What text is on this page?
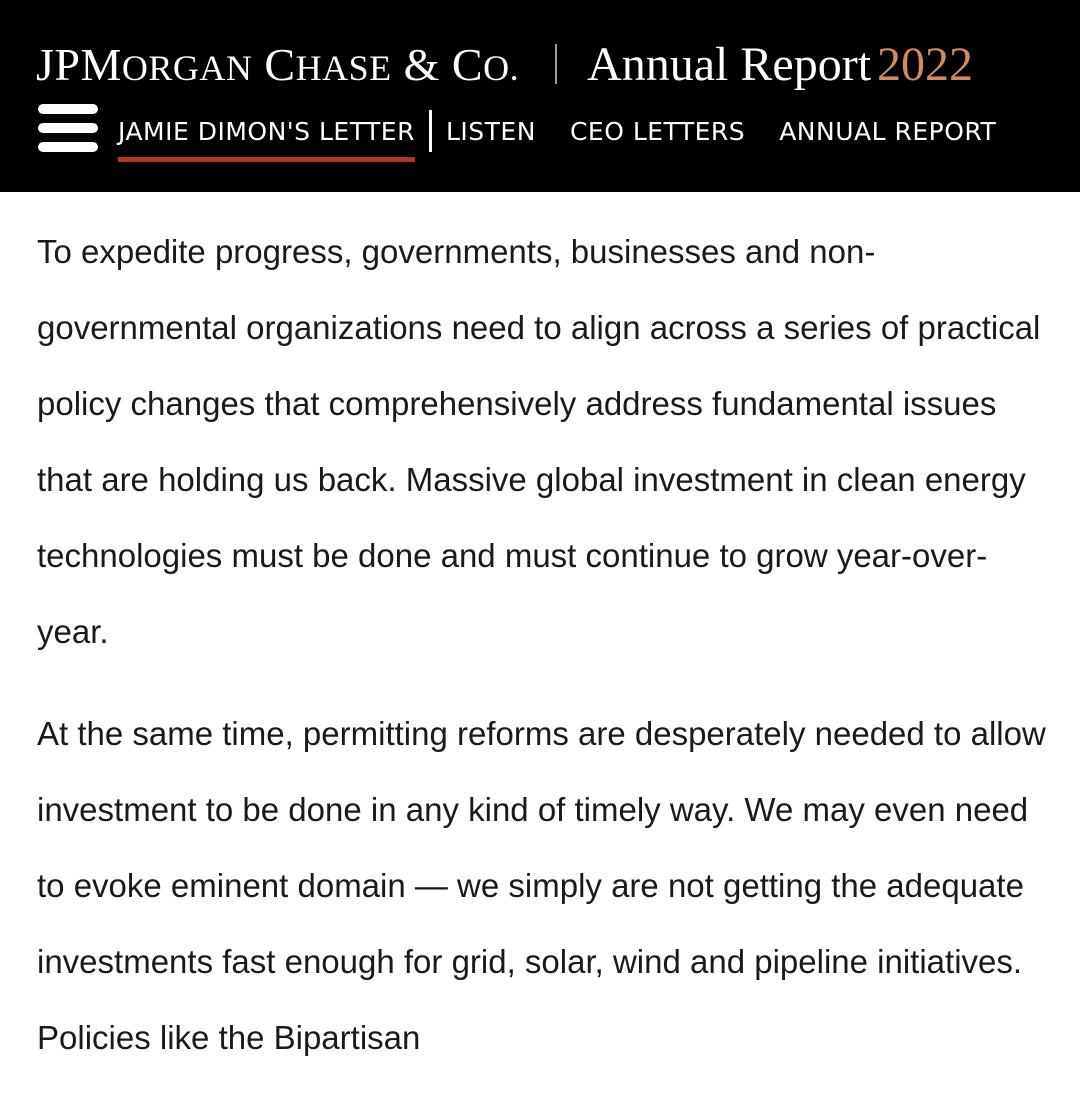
JPMORGAN CHASE & CO. Annual Report 2022
JAMIE DIMON'S LETTER LISTEN CEO LETTERS ANNUAL REPORT

To expedite progress, governments, businesses and non-governmental organizations need to align across a series of practical policy changes that comprehensively address fundamental issues that are holding us back. Massive global investment in clean energy technologies must be done and must continue to grow year-over-year.

At the same time, permitting reforms are desperately needed to allow investment to be done in any kind of timely way. We may even need to evoke eminent domain — we simply are not getting the adequate investments fast enough for grid, solar, wind and pipeline initiatives. Policies like the Bipartisan
